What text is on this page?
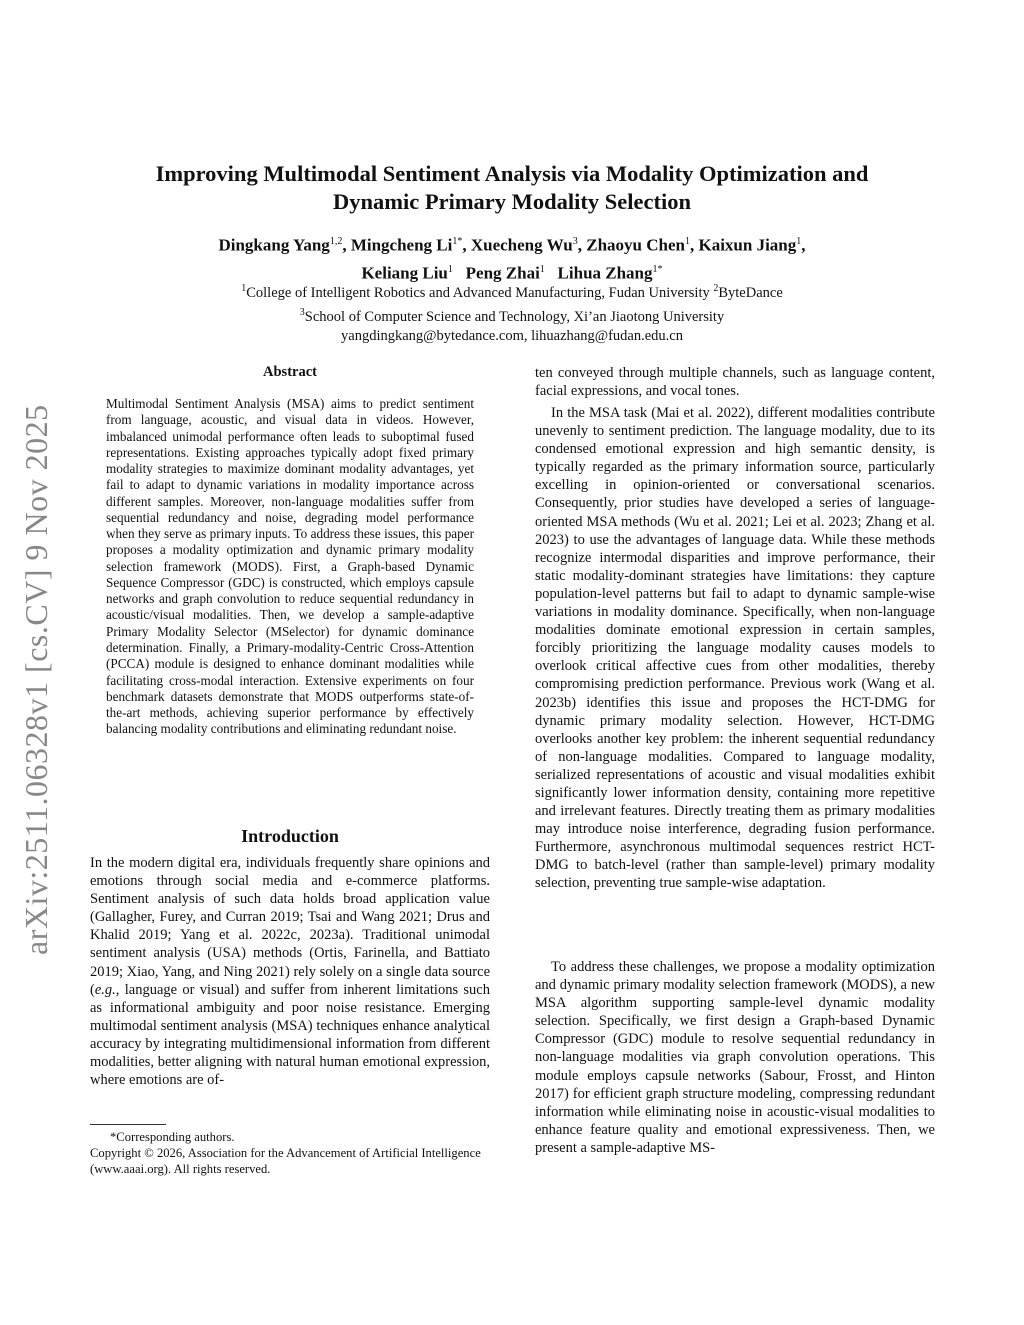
arXiv:2511.06328v1 [cs.CV] 9 Nov 2025
Improving Multimodal Sentiment Analysis via Modality Optimization and
Dynamic Primary Modality Selection
Dingkang Yang$^{1,2}$, Mingcheng $Li^{1*}$, Xuecheng Wu$^3$, Zhaoyu Chen$^1$, Kaixun Jiang$^1$,
Keliang Liu$^1$ Peng Zhai$^1$ Lihua Zhang$^{1*}$
$^1$College of Intelligent Robotics and Advanced Manufacturing, Fudan University $^2$ByteDance
$^3$School of Computer Science and Technology, Xi’an Jiaotong University
yangdingkang@bytedance.com, lihuazhang@fudan.edu.cn
Abstract

Multimodal Sentiment Analysis (MSA) aims to predict sentiment from language, acoustic, and visual data in videos. However, imbalanced unimodal performance often leads to suboptimal fused representations. Existing approaches typically adopt fixed primary modality strategies to maximize dominant modality advantages, yet fail to adapt to dynamic variations in modality importance across different samples. Moreover, non-language modalities suffer from sequential redundancy and noise, degrading model performance when they serve as primary inputs. To address these issues, this paper proposes a modality optimization and dynamic primary modality selection framework (MODS). First, a Graph-based Dynamic Sequence Compressor (GDC) is constructed, which employs capsule networks and graph convolution to reduce sequential redundancy in acoustic/visual modalities. Then, we develop a sample-adaptive Primary Modality Selector (MSelector) for dynamic dominance determination. Finally, a Primary-modality-Centric Cross-Attention (PCCA) module is designed to enhance dominant modalities while facilitating cross-modal interaction. Extensive experiments on four benchmark datasets demonstrate that MODS outperforms state-of-the-art methods, achieving superior performance by effectively balancing modality contributions and eliminating redundant noise.

Introduction

In the modern digital era, individuals frequently share opinions and emotions through social media and e-commerce platforms. Sentiment analysis of such data holds broad application value (Gallagher, Furey, and Curran 2019; Tsai and Wang 2021; Drus and Khalid 2019; Yang et al. 2022c, 2023a). Traditional unimodal sentiment analysis (USA) methods (Ortis, Farinella, and Battiato 2019; Xiao, Yang, and Ning 2021) rely solely on a single data source (e.g., language or visual) and suffer from inherent limitations such as informational ambiguity and poor noise resistance. Emerging multimodal sentiment analysis (MSA) techniques enhance analytical accuracy by integrating multidimensional information from different modalities, better aligning with natural human emotional expression, where emotions are of-

*Corresponding authors.
Copyright © 2026, Association for the Advancement of Artificial Intelligence (www.aaai.org). All rights reserved.

ten conveyed through multiple channels, such as language content, facial expressions, and vocal tones.

In the MSA task (Mai et al. 2022), different modalities contribute unevenly to sentiment prediction. The language modality, due to its condensed emotional expression and high semantic density, is typically regarded as the primary information source, particularly excelling in opinion-oriented or conversational scenarios. Consequently, prior studies have developed a series of language-oriented MSA methods (Wu et al. 2021; Lei et al. 2023; Zhang et al. 2023) to use the advantages of language data. While these methods recognize intermodal disparities and improve performance, their static modality-dominant strategies have limitations: they capture population-level patterns but fail to adapt to dynamic sample-wise variations in modality dominance. Specifically, when non-language modalities dominate emotional expression in certain samples, forcibly prioritizing the language modality causes models to overlook critical affective cues from other modalities, thereby compromising prediction performance. Previous work (Wang et al. 2023b) identifies this issue and proposes the HCT-DMG for dynamic primary modality selection. However, HCT-DMG overlooks another key problem: the inherent sequential redundancy of non-language modalities. Compared to language modality, serialized representations of acoustic and visual modalities exhibit significantly lower information density, containing more repetitive and irrelevant features. Directly treating them as primary modalities may introduce noise interference, degrading fusion performance. Furthermore, asynchronous multimodal sequences restrict HCT-DMG to batch-level (rather than sample-level) primary modality selection, preventing true sample-wise adaptation.

To address these challenges, we propose a modality optimization and dynamic primary modality selection framework (MODS), a new MSA algorithm supporting sample-level dynamic modality selection. Specifically, we first design a Graph-based Dynamic Compressor (GDC) module to resolve sequential redundancy in non-language modalities via graph convolution operations. This module employs capsule networks (Sabour, Frosst, and Hinton 2017) for efficient graph structure modeling, compressing redundant information while eliminating noise in acoustic-visual modalities to enhance feature quality and emotional expressiveness. Then, we present a sample-adaptive MS-
